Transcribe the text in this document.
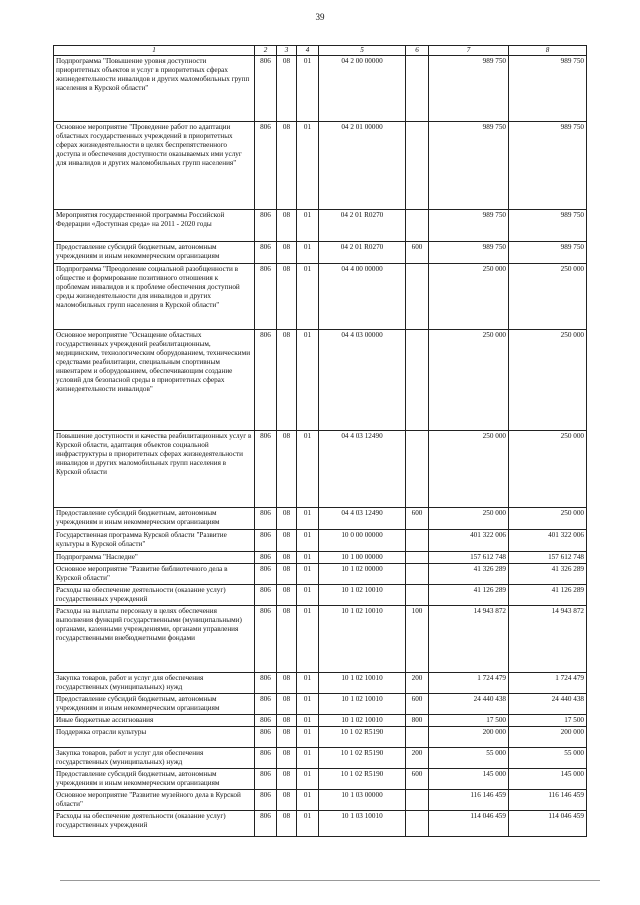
39
1	2	3	4	5	6	7	8
Подпрограмма "Повышение уровня доступности приоритетных объектов и услуг в приоритетных сферах жизнедеятельности инвалидов и других маломобильных групп населения в Курской области"	806	08	01	04 2 00 00000		989 750	989 750
Основное мероприятие "Проведение работ по адаптации областных государственных учреждений в приоритетных сферах жизнедеятельности в целях беспрепятственного доступа и обеспечения доступности оказываемых ими услуг для инвалидов и других маломобильных групп населения"	806	08	01	04 2 01 00000		989 750	989 750
Мероприятия государственной программы Российской Федерации «Доступная среда» на 2011 - 2020 годы	806	08	01	04 2 01 R0270		989 750	989 750
Предоставление субсидий бюджетным, автономным учреждениям и иным некоммерческим организациям	806	08	01	04 2 01 R0270	600	989 750	989 750
Подпрограмма "Преодоление социальной разобщенности в обществе и формирование позитивного отношения к проблемам инвалидов и к проблеме обеспечения доступной среды жизнедеятельности для инвалидов и других маломобильных групп населения в Курской области"	806	08	01	04 4 00 00000		250 000	250 000
Основное мероприятие "Оснащение областных государственных учреждений реабилитационным, медицинским, технологическим оборудованием, техническими средствами реабилитации, специальным спортивным инвентарем и оборудованием, обеспечивающим создание условий для безопасной среды в приоритетных сферах жизнедеятельности инвалидов"	806	08	01	04 4 03 00000		250 000	250 000
Повышение доступности и качества реабилитационных услуг в Курской области, адаптация объектов социальной инфраструктуры в приоритетных сферах жизнедеятельности инвалидов и других маломобильных групп населения в Курской области	806	08	01	04 4 03 12490		250 000	250 000
Предоставление субсидий бюджетным, автономным учреждениям и иным некоммерческим организациям	806	08	01	04 4 03 12490	600	250 000	250 000
Государственная программа Курской области "Развитие культуры в Курской области"	806	08	01	10 0 00 00000		401 322 006	401 322 006
Подпрограмма "Наследие"	806	08	01	10 1 00 00000		157 612 748	157 612 748
Основное мероприятие "Развитие библиотечного дела в Курской области"	806	08	01	10 1 02 00000		41 326 289	41 326 289
Расходы на обеспечение деятельности (оказание услуг) государственных учреждений	806	08	01	10 1 02 10010		41 126 289	41 126 289
Расходы на выплаты персоналу в целях обеспечения выполнения функций государственными (муниципальными) органами, казенными учреждениями, органами управления государственными внебюджетными фондами	806	08	01	10 1 02 10010	100	14 943 872	14 943 872
Закупка товаров, работ и услуг для обеспечения государственных (муниципальных) нужд	806	08	01	10 1 02 10010	200	1 724 479	1 724 479
Предоставление субсидий бюджетным, автономным учреждениям и иным некоммерческим организациям	806	08	01	10 1 02 10010	600	24 440 438	24 440 438
Иные бюджетные ассигнования	806	08	01	10 1 02 10010	800	17 500	17 500
Поддержка отрасли культуры	806	08	01	10 1 02 R5190		200 000	200 000
Закупка товаров, работ и услуг для обеспечения государственных (муниципальных) нужд	806	08	01	10 1 02 R5190	200	55 000	55 000
Предоставление субсидий бюджетным, автономным учреждениям и иным некоммерческим организациям	806	08	01	10 1 02 R5190	600	145 000	145 000
Основное мероприятие "Развитие музейного дела в Курской области"	806	08	01	10 1 03 00000		116 146 459	116 146 459
Расходы на обеспечение деятельности (оказание услуг) государственных учреждений	806	08	01	10 1 03 10010		114 046 459	114 046 459
